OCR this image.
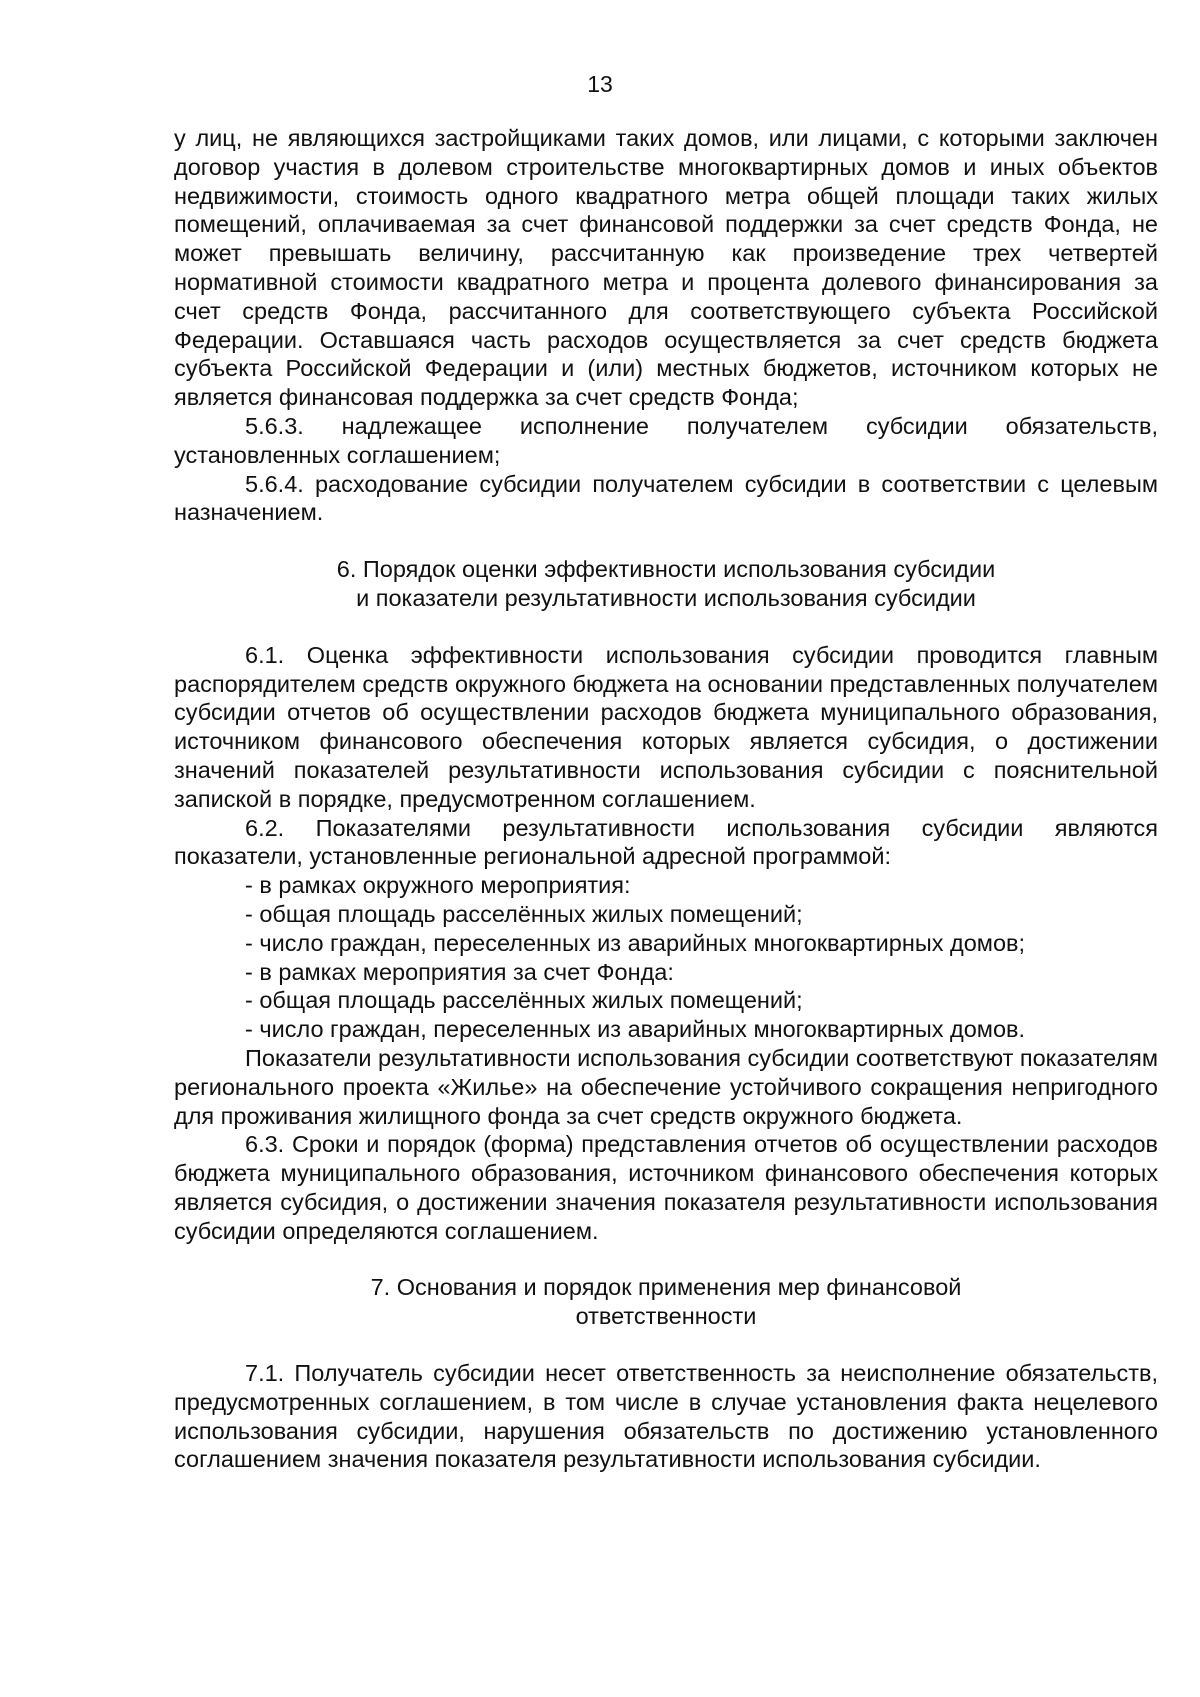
13

у лиц, не являющихся застройщиками таких домов, или лицами, с которыми заключен договор участия в долевом строительстве многоквартирных домов и иных объектов недвижимости, стоимость одного квадратного метра общей площади таких жилых помещений, оплачиваемая за счет финансовой поддержки за счет средств Фонда, не может превышать величину, рассчитанную как произведение трех четвертей нормативной стоимости квадратного метра и процента долевого финансирования за счет средств Фонда, рассчитанного для соответствующего субъекта Российской Федерации. Оставшаяся часть расходов осуществляется за счет средств бюджета субъекта Российской Федерации и (или) местных бюджетов, источником которых не является финансовая поддержка за счет средств Фонда;

5.6.3. надлежащее исполнение получателем субсидии обязательств, установленных соглашением;

5.6.4. расходование субсидии получателем субсидии в соответствии с целевым назначением.

6. Порядок оценки эффективности использования субсидии

и показатели результативности использования субсидии

6.1. Оценка эффективности использования субсидии проводится главным распорядителем средств окружного бюджета на основании представленных получателем субсидии отчетов об осуществлении расходов бюджета муниципального образования, источником финансового обеспечения которых является субсидия, о достижении значений показателей результативности использования субсидии с пояснительной запиской в порядке, предусмотренном соглашением.

6.2. Показателями результативности использования субсидии являются показатели, установленные региональной адресной программой:

- в рамках окружного мероприятия:

- общая площадь расселённых жилых помещений;

- число граждан, переселенных из аварийных многоквартирных домов;

- в рамках мероприятия за счет Фонда:

- общая площадь расселённых жилых помещений;

- число граждан, переселенных из аварийных многоквартирных домов.

Показатели результативности использования субсидии соответствуют показателям регионального проекта «Жилье» на обеспечение устойчивого сокращения непригодного для проживания жилищного фонда за счет средств окружного бюджета.

6.3. Сроки и порядок (форма) представления отчетов об осуществлении расходов бюджета муниципального образования, источником финансового обеспечения которых является субсидия, о достижении значения показателя результативности использования субсидии определяются соглашением.

7. Основания и порядок применения мер финансовой

ответственности

7.1. Получатель субсидии несет ответственность за неисполнение обязательств, предусмотренных соглашением, в том числе в случае установления факта нецелевого использования субсидии, нарушения обязательств по достижению установленного соглашением значения показателя результативности использования субсидии.
